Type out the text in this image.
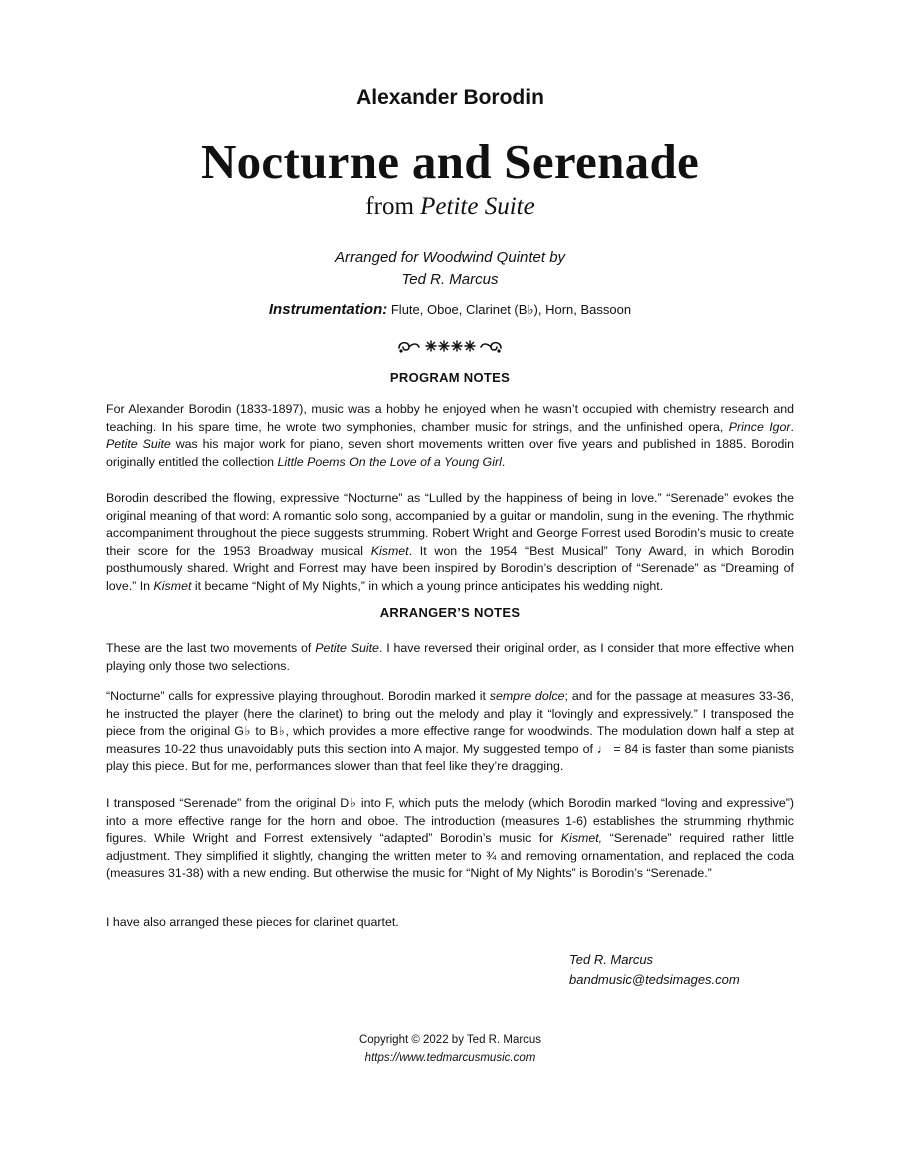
Alexander Borodin
Nocturne and Serenade
from Petite Suite
Arranged for Woodwind Quintet by
Ted R. Marcus
Instrumentation: Flute, Oboe, Clarinet (B♭), Horn, Bassoon
PROGRAM NOTES
For Alexander Borodin (1833-1897), music was a hobby he enjoyed when he wasn’t occupied with chemistry research and teaching. In his spare time, he wrote two symphonies, chamber music for strings, and the unfinished opera, Prince Igor. Petite Suite was his major work for piano, seven short movements written over five years and published in 1885. Borodin originally entitled the collection Little Poems On the Love of a Young Girl.
Borodin described the flowing, expressive “Nocturne” as “Lulled by the happiness of being in love.” “Serenade” evokes the original meaning of that word: A romantic solo song, accompanied by a guitar or mandolin, sung in the evening. The rhythmic accompaniment throughout the piece suggests strumming. Robert Wright and George Forrest used Borodin’s music to create their score for the 1953 Broadway musical Kismet. It won the 1954 “Best Musical” Tony Award, in which Borodin posthumously shared. Wright and Forrest may have been inspired by Borodin’s description of “Serenade” as “Dreaming of love.” In Kismet it became “Night of My Nights,” in which a young prince anticipates his wedding night.
ARRANGER’S NOTES
These are the last two movements of Petite Suite. I have reversed their original order, as I consider that more effective when playing only those two selections.
“Nocturne” calls for expressive playing throughout. Borodin marked it sempre dolce; and for the passage at measures 33-36, he instructed the player (here the clarinet) to bring out the melody and play it “lovingly and expressively.” I transposed the piece from the original G♭ to B♭, which provides a more effective range for woodwinds. The modulation down half a step at measures 10-22 thus unavoidably puts this section into A major. My suggested tempo of ♩ = 84 is faster than some pianists play this piece. But for me, performances slower than that feel like they’re dragging.
I transposed “Serenade” from the original D♭ into F, which puts the melody (which Borodin marked “loving and expressive”) into a more effective range for the horn and oboe. The introduction (measures 1-6) establishes the strumming rhythmic figures. While Wright and Forrest extensively “adapted” Borodin’s music for Kismet, “Serenade” required rather little adjustment. They simplified it slightly, changing the written meter to ¾ and removing ornamentation, and replaced the coda (measures 31-38) with a new ending. But otherwise the music for “Night of My Nights” is Borodin’s “Serenade.”
I have also arranged these pieces for clarinet quartet.
Ted R. Marcus
bandmusic@tedsimages.com
Copyright © 2022 by Ted R. Marcus
https://www.tedmarcusmusic.com
